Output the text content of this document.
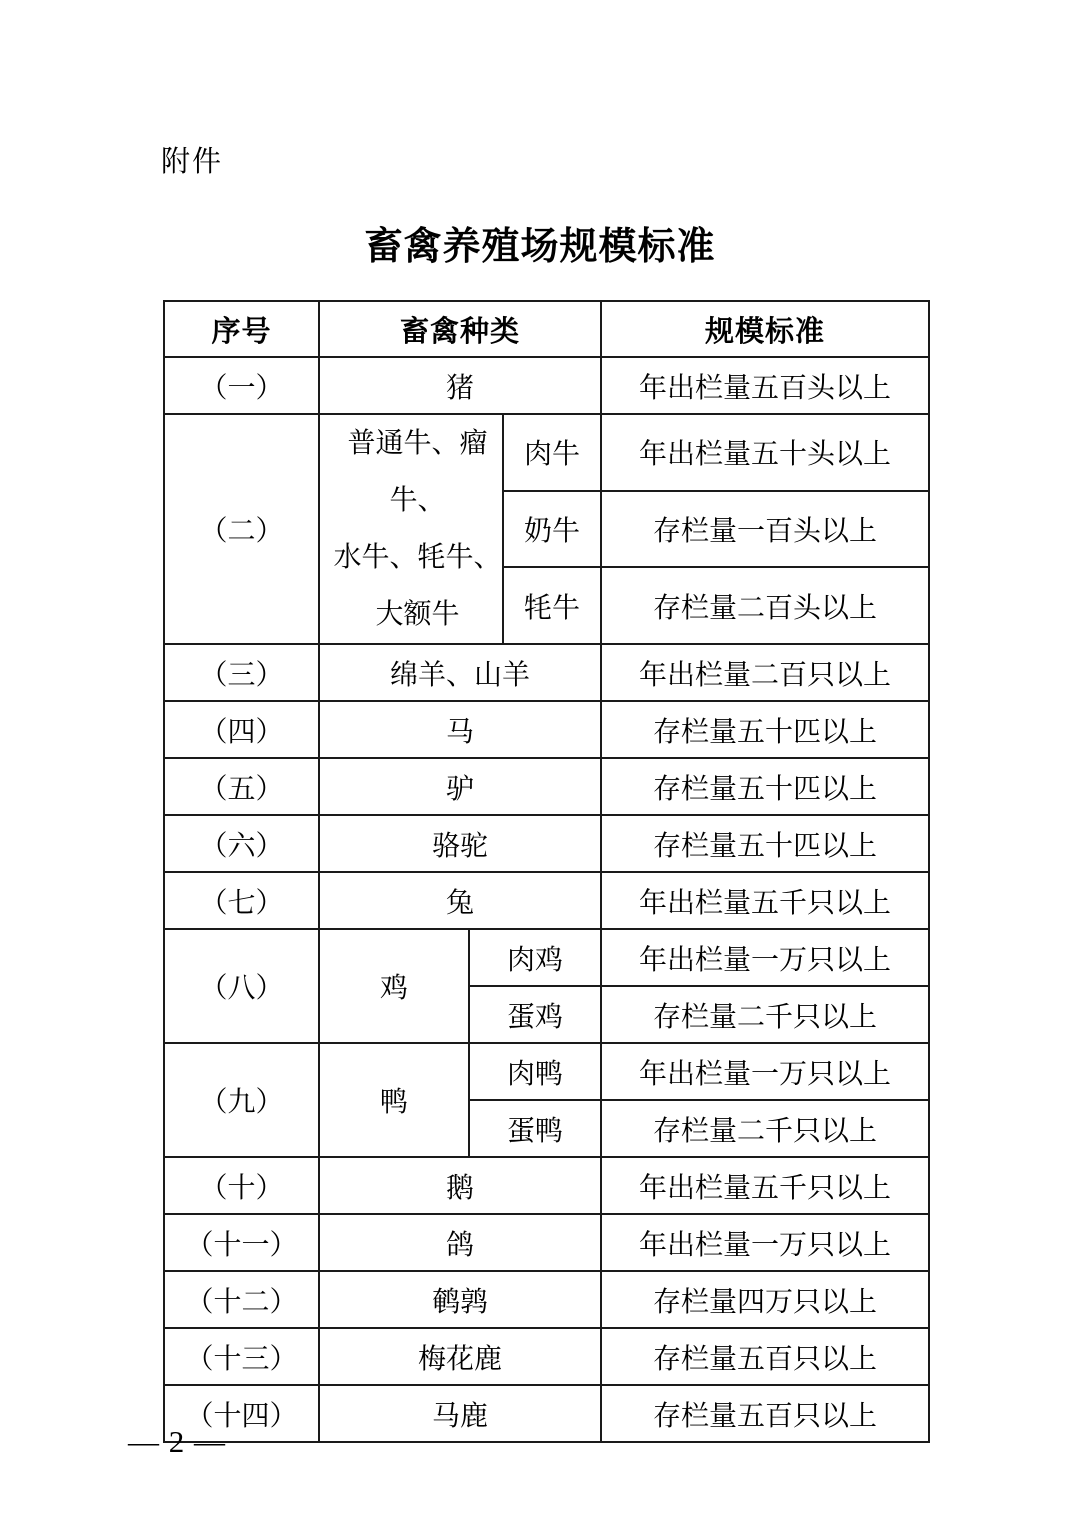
附件
畜禽养殖场规模标准
序号	畜禽种类			规模标准
（一）	猪			年出栏量五百头以上
（二）	普通牛、瘤牛、
水牛、牦牛、
大额牛		肉牛	年出栏量五十头以上
			奶牛	存栏量一百头以上
			牦牛	存栏量二百头以上
（三）	绵羊、山羊			年出栏量二百只以上
（四）	马			存栏量五十匹以上
（五）	驴			存栏量五十匹以上
（六）	骆驼			存栏量五十匹以上
（七）	兔			年出栏量五千只以上
（八）	鸡	肉鸡		年出栏量一万只以上
		蛋鸡		存栏量二千只以上
（九）	鸭	肉鸭		年出栏量一万只以上
		蛋鸭		存栏量二千只以上
（十）	鹅			年出栏量五千只以上
（十一）	鸽			年出栏量一万只以上
（十二）	鹌鹑			存栏量四万只以上
（十三）	梅花鹿			存栏量五百只以上
（十四）	马鹿			存栏量五百只以上
— 2 —
